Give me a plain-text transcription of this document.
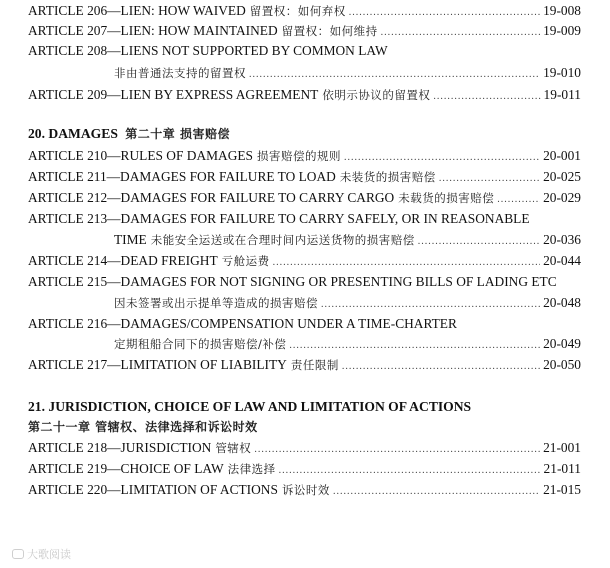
ARTICLE 206—LIEN: HOW WAIVED 留置权：如何弃权 .....	19-008
ARTICLE 207—LIEN: HOW MAINTAINED 留置权：如何维持 .....	19-009
ARTICLE 208—LIENS NOT SUPPORTED BY COMMON LAW
非由普通法支持的留置权 .....	19-010
ARTICLE 209—LIEN BY EXPRESS AGREEMENT 依明示协议的留置权 .....	19-011
20. DAMAGES 第二十章 损害赔偿
ARTICLE 210—RULES OF DAMAGES 损害赔偿的规则 .....	20-001
ARTICLE 211—DAMAGES FOR FAILURE TO LOAD 未装货的损害赔偿 .....	20-025
ARTICLE 212—DAMAGES FOR FAILURE TO CARRY CARGO 未载货的损害赔偿 .....	20-029
ARTICLE 213—DAMAGES FOR FAILURE TO CARRY SAFELY, OR IN REASONABLE
TIME 未能安全运送或在合理时间内运送货物的损害赔偿 .....	20-036
ARTICLE 214—DEAD FREIGHT 亏舱运费 .....	20-044
ARTICLE 215—DAMAGES FOR NOT SIGNING OR PRESENTING BILLS OF LADING ETC
因未签署或出示提单等造成的损害赔偿 .....	20-048
ARTICLE 216—DAMAGES/COMPENSATION UNDER A TIME-CHARTER
定期租船合同下的损害赔偿/补偿 .....	20-049
ARTICLE 217—LIMITATION OF LIABILITY 责任限制 .....	20-050
21. JURISDICTION, CHOICE OF LAW AND LIMITATION OF ACTIONS
第二十一章 管辖权、法律选择和诉讼时效
ARTICLE 218—JURISDICTION 管辖权 .....	21-001
ARTICLE 219—CHOICE OF LAW 法律选择 .....	21-011
ARTICLE 220—LIMITATION OF ACTIONS 诉讼时效 .....	21-015
大歌阅读
